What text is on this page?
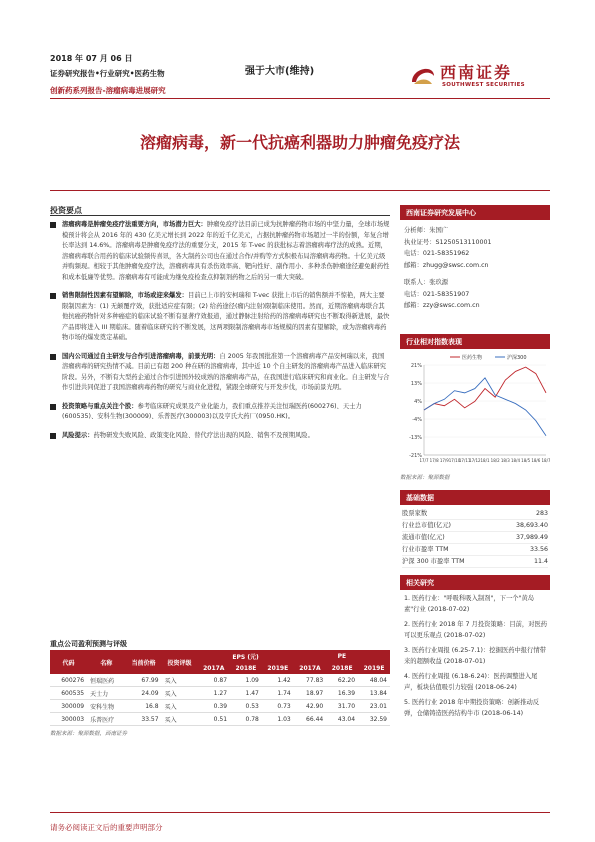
2018 年 07 月 06 日
证券研究报告•行业研究•医药生物
创新药系列报告-溶瘤病毒进展研究
强于大市(维持)	西南证券
SOUTHWEST SECURITIES
溶瘤病毒，新一代抗癌利器助力肿瘤免疫疗法
投资要点
溶瘤病毒是肿瘤免疫疗法重要方向，市场潜力巨大：肿瘤免疫疗法目前已成为抗肿瘤药物市场的中坚力量，全球市场规模预计将会从 2016 年的 430 亿美元增长到 2022 年的近千亿美元，占据抗肿瘤药物市场超过一半的份额，年复合增长率达到 14.6%。溶瘤病毒是肿瘤免疫疗法的重要分支，2015 年 T-vec 的获批标志着溶瘤病毒疗法的成熟。近期，溶瘤病毒联合用药的临床试验频传喜讯，各大制药公司也在通过合作/并购等方式积极布局溶瘤病毒药物。十亿美元级并购频现。相较于其他肿瘤免疫疗法，溶瘤病毒具有杀伤效率高、靶向性好、副作用小、多种杀伤肿瘤途径避免耐药性和成本低廉等优势。溶瘤病毒有可能成为继免疫检查点抑制剂药物之后的另一重大突破。
销售限制性因素有望解除，市场或迎来爆发：目前已上市的安柯瑞和 T-vec 获批上市后的销售额并不惊艳，两大主要限制因素为：(1) 无颠覆疗效，获批适应症有限；(2) 给药途径(瘤内注射)限制临床使用。然而，近期溶瘤病毒联合其他抗癌药物针对多种癌症的临床试验不断有显著疗效报道，通过静脉注射给药的溶瘤病毒研究也不断取得新进展，最快产品即将进入 III 期临床。随着临床研究的不断发展，这两项限制溶瘤病毒市场规模的因素有望解除，或为溶瘤病毒药物市场的爆发奠定基础。
国内公司通过自主研发与合作引进溶瘤病毒，前景光明：自 2005 年我国批准第一个溶瘤病毒产品安柯瑞以来，我国溶瘤病毒的研究热情不减。目前已有超 200 种在研的溶瘤病毒，其中近 10 个自主研发的溶瘤病毒产品进入临床研究阶段。另外，不断有大型药企通过合作引进国外较成熟的溶瘤病毒产品，在我国进行临床研究和商业化。自主研发与合作引进共同促进了我国溶瘤病毒药物的研究与商业化进程，紧跟全球研究与开发步伐，市场前景光明。
投资策略与重点关注个股：参考临床研究成果及产业化能力，我们重点推荐关注恒瑞医药(600276)、天士力(600535)、安科生物(300009)、乐普医疗(300003)以及亨氏大药厂(0950.HK)。
风险提示：药物研发失败风险、政策变化风险、替代疗法出现的风险、销售不及预期风险。
重点公司盈利预测与评级
代码	名称	当前价格	投资评级	EPS (元)			PE		
				2017A	2018E	2019E	2017A	2018E	2019E
600276	恒瑞医药	67.99	买入	0.87	1.09	1.42	77.83	62.20	48.04
600535	天士力	24.09	买入	1.27	1.47	1.74	18.97	16.39	13.84
300009	安科生物	16.8	买入	0.39	0.53	0.73	42.90	31.70	23.01
300003	乐普医疗	33.57	买入	0.51	0.78	1.03	66.44	43.04	32.59
数据来源：聚源数据，西南证券
西南证券研究发展中心
分析师：朱国广
执业证号：S1250513110001
电话：021-58351962
邮箱：zhugg@swsc.com.cn
联系人：张玖源
电话：021-58351907
邮箱：zzy@swsc.com.cn
行业相对指数表现
21%
13%
4%
-4%
-13%
-21%
17/7 17/8 17/9 17/10
17/11
17/12 18/1 18/2 18/3 18/4 18/5 18/6 18/7
医药生物	沪深300
数据来源：聚源数据
基础数据
股票家数	283
行业总市值(亿元)	38,693.40
流通市值(亿元)	37,989.49
行业市盈率 TTM	33.56
沪深 300 市盈率 TTM	11.4
相关研究
1. 医药行业："呼吸科吸入制剂"，下一个"黄岛素"行业 (2018-07-02)
2. 医药行业 2018 年 7 月投资策略：目前，对医药可以更乐观点 (2018-07-02)
3. 医药行业周报 (6.25-7.1)：挖掘医药中报行情带来的超额收益 (2018-07-01)
4. 医药行业周报 (6.18-6.24)：医药调整进入尾声，板块估值吸引力较强 (2018-06-24)
5. 医药行业 2018 年中期投资策略：创新推动反弹，仓储铸造医药结构牛市 (2018-06-14)
请务必阅读正文后的重要声明部分
